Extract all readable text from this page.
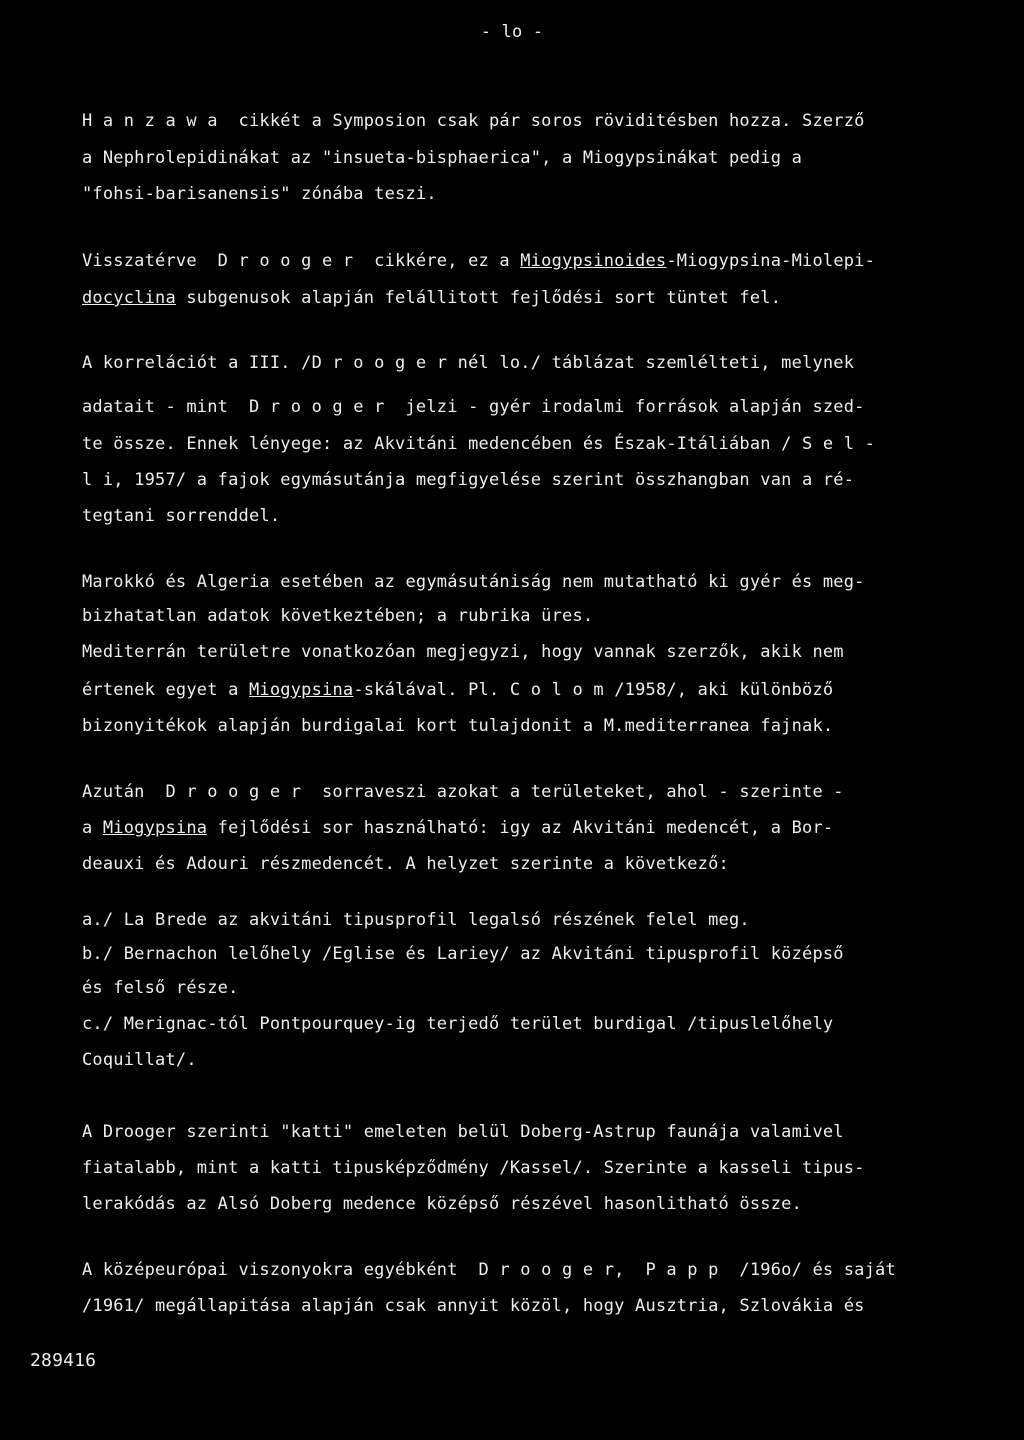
- lo -
H a n z a w a  cikkét a Symposion csak pár soros röviditésben hozza. Szerző
a Nephrolepidinákat az "insueta-bisphaerica", a Miogypsinákat pedig a
"fohsi-barisanensis" zónába teszi.
Visszatérve  D r o o g e r  cikkére, ez a Miogypsinoides-Miogypsina-Miolepi-
docyclina subgenusok alapján felállitott fejlődési sort tüntet fel.
A korrelációt a III. /D r o o g e r nél lo./ táblázat szemlélteti, melynek
adatait - mint  D r o o g e r  jelzi - gyér irodalmi források alapján szed-
te össze. Ennek lényege: az Akvitáni medencében és Észak-Itáliában / S e l -
l i, 1957/ a fajok egymásutánja megfigyelése szerint összhangban van a ré-
tegtani sorrenddel.
Marokkó és Algeria esetében az egymásutániság nem mutatható ki gyér és meg-
bizhatatlan adatok következtében; a rubrika üres.
Mediterrán területre vonatkozóan megjegyzi, hogy vannak szerzők, akik nem
értenek egyet a Miogypsina-skálával. Pl. C o l o m /1958/, aki különböző
bizonyitékok alapján burdigalai kort tulajdonit a M.mediterranea fajnak.
Azután  D r o o g e r  sorraveszi azokat a területeket, ahol - szerinte -
a Miogypsina fejlődési sor használható: igy az Akvitáni medencét, a Bor-
deauxi és Adouri részmedencét. A helyzet szerinte a következő:
a./ La Brede az akvitáni tipusprofil legalsó részének felel meg.
b./ Bernachon lelőhely /Eglise és Lariey/ az Akvitáni tipusprofil középső
és felső része.
c./ Merignac-tól Pontpourquey-ig terjedő terület burdigal /tipuslelőhely
Coquillat/.
A Drooger szerinti "katti" emeleten belül Doberg-Astrup faunája valamivel
fiatalabb, mint a katti tipusképződmény /Kassel/. Szerinte a kasseli tipus-
lerakódás az Alsó Doberg medence középső részével hasonlitható össze.
A középeurópai viszonyokra egyébként  D r o o g e r,  P a p p  /196o/ és saját
/1961/ megállapitása alapján csak annyit közöl, hogy Ausztria, Szlovákia és
289416
